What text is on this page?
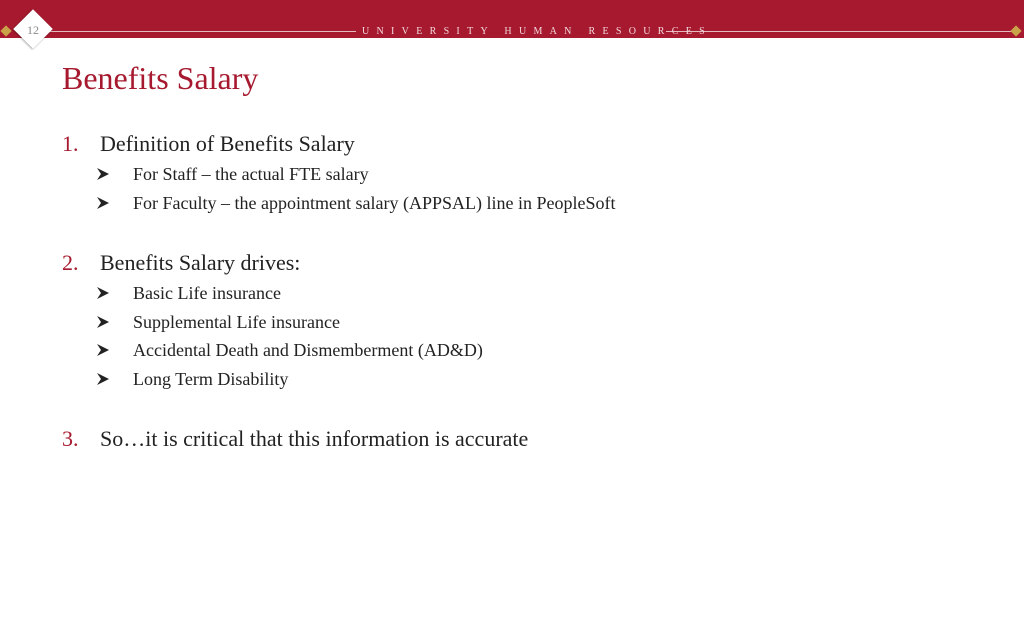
UNIVERSITY HUMAN RESOURCES
12
Benefits Salary
1. Definition of Benefits Salary
For Staff – the actual FTE salary
For Faculty – the appointment salary (APPSAL) line in PeopleSoft
2. Benefits Salary drives:
Basic Life insurance
Supplemental Life insurance
Accidental Death and Dismemberment (AD&D)
Long Term Disability
3. So…it is critical that this information is accurate
